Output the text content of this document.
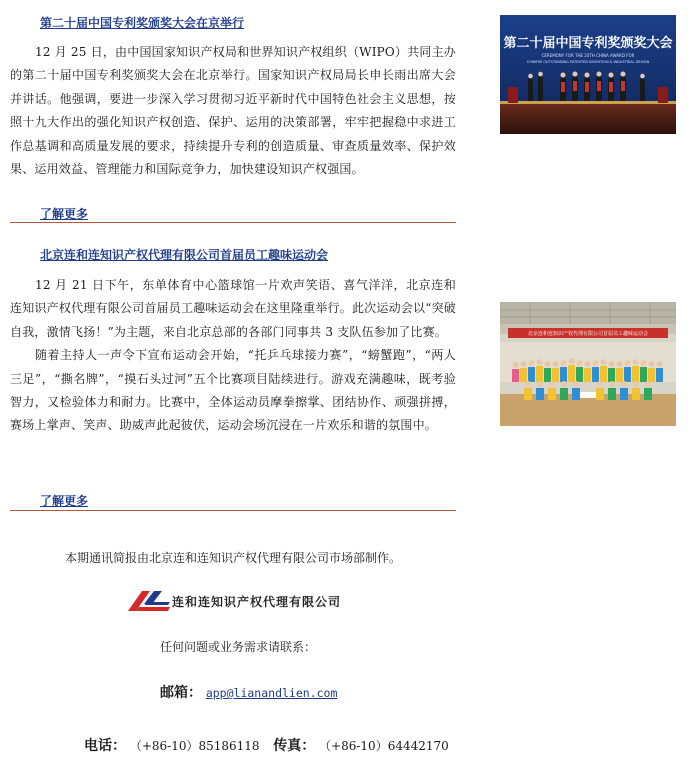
第二十届中国专利奖颁奖大会在京举行

12 月 25 日，由中国国家知识产权局和世界知识产权组织（WIPO）共同主办的第二十届中国专利奖颁奖大会在北京举行。国家知识产权局局长申长雨出席大会并讲话。他强调，要进一步深入学习贯彻习近平新时代中国特色社会主义思想，按照十九大作出的强化知识产权创造、保护、运用的决策部署，牢牢把握稳中求进工作总基调和高质量发展的要求，持续提升专利的创造质量、审查质量效率、保护效果、运用效益、管理能力和国际竞争力，加快建设知识产权强国。

了解更多
第二十届中国专利奖颁奖大会
CEREMONY FOR THE 20TH CHINA AWARD FOR
CHINESE OUTSTANDING PATENTED INVENTION & INDUSTRIAL DESIGN
北京连和连知识产权代理有限公司首届员工趣味运动会

12 月 21 日下午，东单体育中心篮球馆一片欢声笑语、喜气洋洋，北京连和连知识产权代理有限公司首届员工趣味运动会在这里隆重举行。此次运动会以“突破自我，激情飞扬！”为主题，来自北京总部的各部门同事共 3 支队伍参加了比赛。

随着主持人一声令下宣布运动会开始，“托乒乓球接力赛”，“螃蟹跑”，“两人三足”，“撕名牌”，“摸石头过河”五个比赛项目陆续进行。游戏充满趣味，既考验智力，又检验体力和耐力。比赛中，全体运动员摩拳擦掌、团结协作、顽强拼搏，赛场上掌声、笑声、助威声此起彼伏，运动会场沉浸在一片欢乐和谐的氛围中。

了解更多
北京连和连知识产权代理有限公司首届员工趣味运动会
本期通讯简报由北京连和连知识产权代理有限公司市场部制作。
连和连知识产权代理有限公司
任何问题或业务需求请联系：
邮箱： app@lianandlien.com
电话： （+86-10）85186118 传真： （+86-10）64442170
